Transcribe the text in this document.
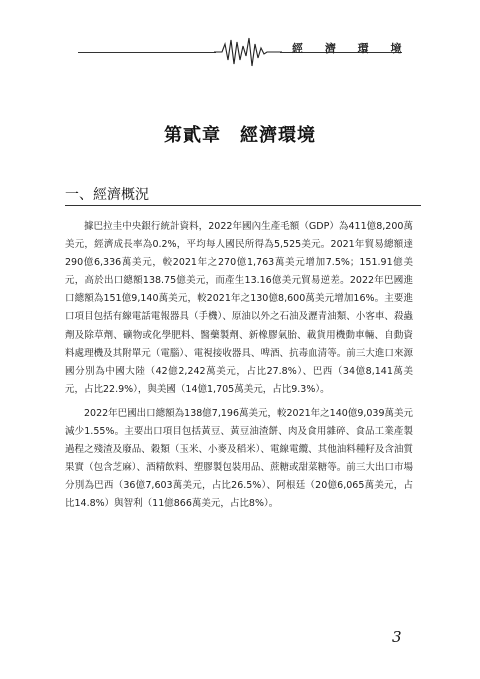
經 濟 環 境
第貳章　經濟環境
一、經濟概況

據巴拉圭中央銀行統計資料，2022年國內生產毛額（GDP）為411億8,200萬美元，經濟成長率為0.2%，平均每人國民所得為5,525美元。2021年貿易總額達290億6,336萬美元，較2021年之270億1,763萬美元增加7.5%；151.91億美元，高於出口總額138.75億美元，而產生13.16億美元貿易逆差。2022年巴國進口總額為151億9,140萬美元，較2021年之130億8,600萬美元增加16%。主要進口項目包括有線電話電報器具（手機）、原油以外之石油及瀝青油類、小客車、殺蟲劑及除草劑、礦物或化學肥料、醫藥製劑、新橡膠氣胎、載貨用機動車輛、自動資料處理機及其附單元（電腦）、電視接收器具、啤酒、抗毒血清等。前三大進口來源國分別為中國大陸（42億2,242萬美元，占比27.8%）、巴西（34億8,141萬美元，占比22.9%），與美國（14億1,705萬美元，占比9.3%）。

2022年巴國出口總額為138億7,196萬美元，較2021年之140億9,039萬美元減少1.55%。主要出口項目包括黃豆、黃豆油渣餅、肉及食用雜碎、食品工業產製過程之殘渣及廢品、穀類（玉米、小麥及稻米）、電線電纜、其他油料種籽及含油質果實（包含芝麻）、酒精飲料、塑膠製包裝用品、蔗糖或甜菜糖等。前三大出口市場分別為巴西（36億7,603萬美元，占比26.5%）、阿根廷（20億6,065萬美元，占比14.8%）與智利（11億866萬美元，占比8%）。

3
